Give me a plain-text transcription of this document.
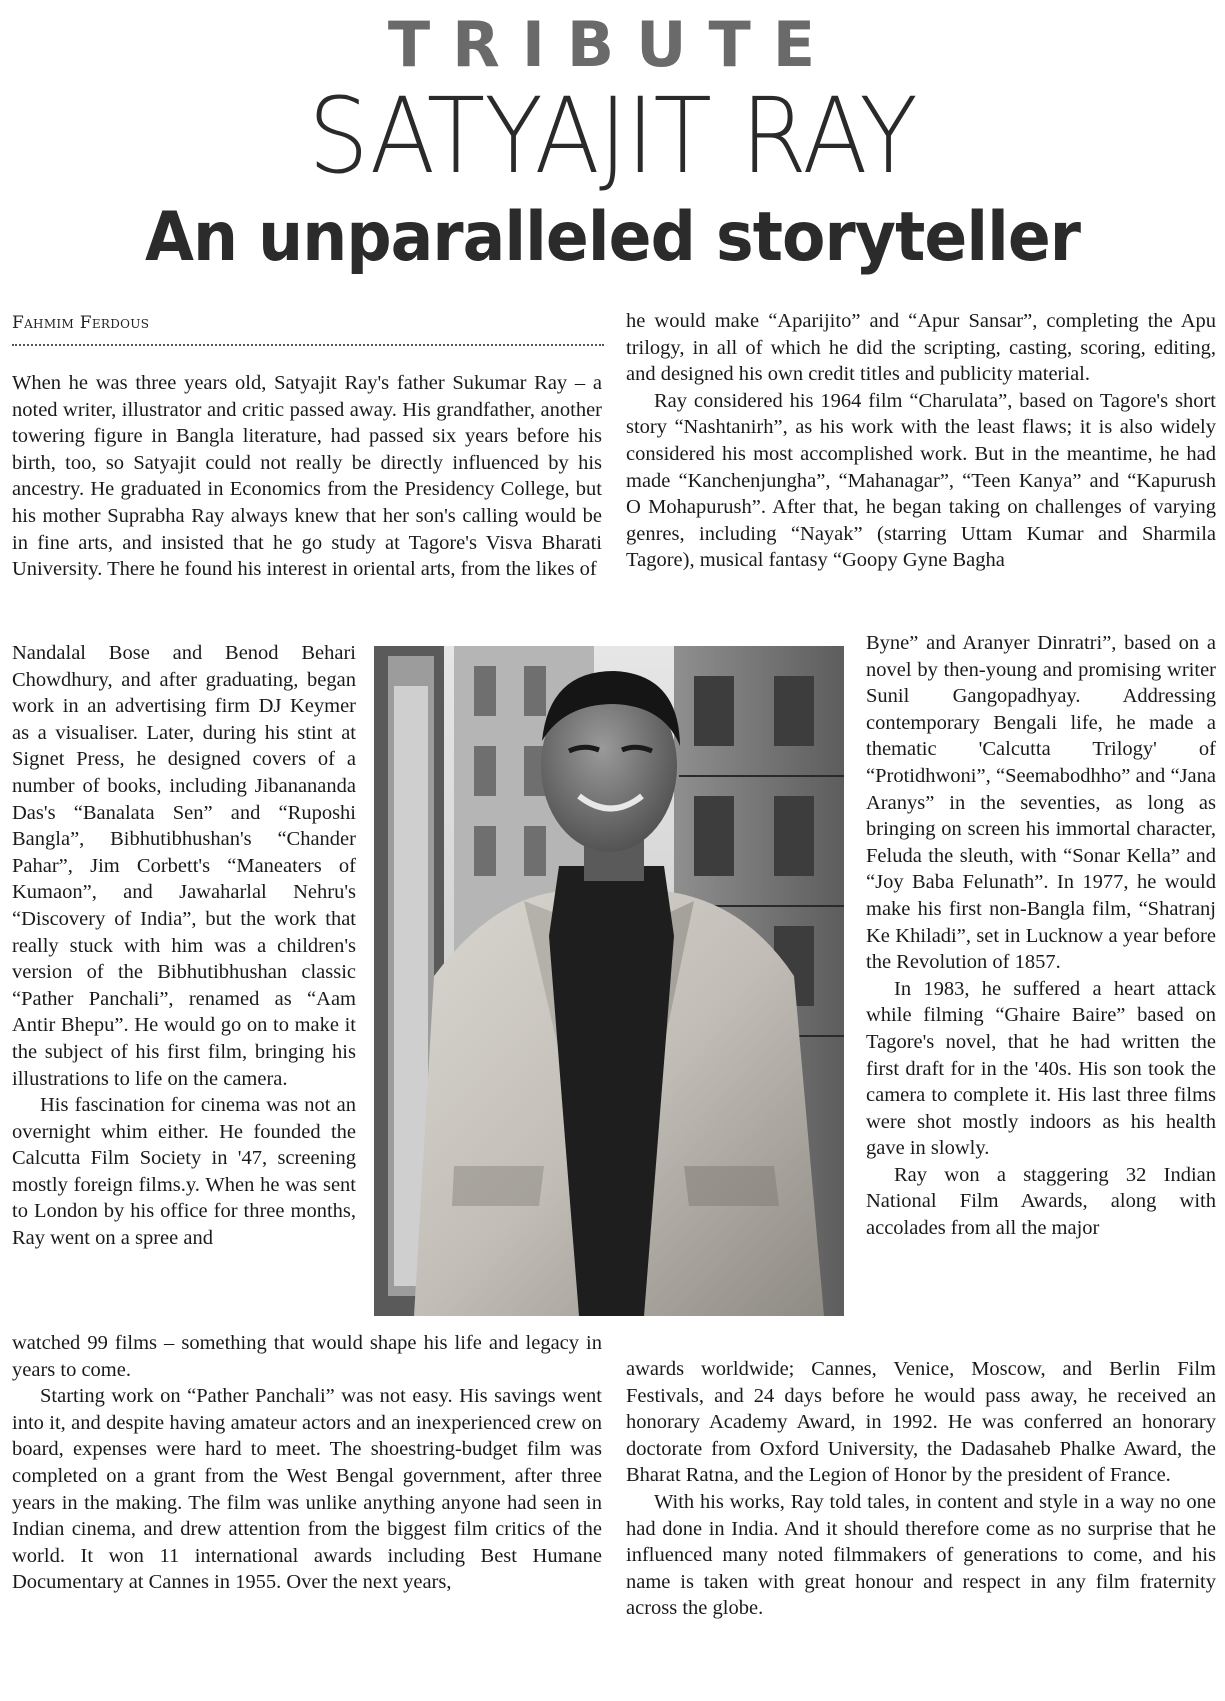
TRIBUTE
SATYAJIT RAY
An unparalleled storyteller
Fahmim Ferdous

When he was three years old, Satyajit Ray's father Sukumar Ray – a noted writer, illustrator and critic passed away. His grandfather, another towering figure in Bangla literature, had passed six years before his birth, too, so Satyajit could not really be directly influenced by his ancestry. He graduated in Economics from the Presidency College, but his mother Suprabha Ray always knew that her son's calling would be in fine arts, and insisted that he go study at Tagore's Visva Bharati University. There he found his interest in oriental arts, from the likes of

Nandalal Bose and Benod Behari Chowdhury, and after graduating, began work in an advertising firm DJ Keymer as a visualiser. Later, during his stint at Signet Press, he designed covers of a number of books, including Jibanananda Das's “Banalata Sen” and “Ruposhi Bangla”, Bibhutibhushan's “Chander Pahar”, Jim Corbett's “Maneaters of Kumaon”, and Jawaharlal Nehru's “Discovery of India”, but the work that really stuck with him was a children's version of the Bibhutibhushan classic “Pather Panchali”, renamed as “Aam Antir Bhepu”. He would go on to make it the subject of his first film, bringing his illustrations to life on the camera.

His fascination for cinema was not an overnight whim either. He founded the Calcutta Film Society in '47, screening mostly foreign films.y. When he was sent to London by his office for three months, Ray went on a spree and

watched 99 films – something that would shape his life and legacy in years to come.

Starting work on “Pather Panchali” was not easy. His savings went into it, and despite having amateur actors and an inexperienced crew on board, expenses were hard to meet. The shoestring-budget film was completed on a grant from the West Bengal government, after three years in the making. The film was unlike anything anyone had seen in Indian cinema, and drew attention from the biggest film critics of the world. It won 11 international awards including Best Humane Documentary at Cannes in 1955. Over the next years,

he would make “Aparijito” and “Apur Sansar”, completing the Apu trilogy, in all of which he did the scripting, casting, scoring, editing, and designed his own credit titles and publicity material.

Ray considered his 1964 film “Charulata”, based on Tagore's short story “Nashtanirh”, as his work with the least flaws; it is also widely considered his most accomplished work. But in the meantime, he had made “Kanchenjungha”, “Mahanagar”, “Teen Kanya” and “Kapurush O Mohapurush”. After that, he began taking on challenges of varying genres, including “Nayak” (starring Uttam Kumar and Sharmila Tagore), musical fantasy “Goopy Gyne Bagha

Byne” and Aranyer Dinratri”, based on a novel by then-young and promising writer Sunil Gangopadhyay. Addressing contemporary Bengali life, he made a thematic 'Calcutta Trilogy' of “Protidhwoni”, “Seemabodhho” and “Jana Aranys” in the seventies, as long as bringing on screen his immortal character, Feluda the sleuth, with “Sonar Kella” and “Joy Baba Felunath”. In 1977, he would make his first non-Bangla film, “Shatranj Ke Khiladi”, set in Lucknow a year before the Revolution of 1857.

In 1983, he suffered a heart attack while filming “Ghaire Baire” based on Tagore's novel, that he had written the first draft for in the '40s. His son took the camera to complete it. His last three films were shot mostly indoors as his health gave in slowly.

Ray won a staggering 32 Indian National Film Awards, along with accolades from all the major

awards worldwide; Cannes, Venice, Moscow, and Berlin Film Festivals, and 24 days before he would pass away, he received an honorary Academy Award, in 1992. He was conferred an honorary doctorate from Oxford University, the Dadasaheb Phalke Award, the Bharat Ratna, and the Legion of Honor by the president of France.

With his works, Ray told tales, in content and style in a way no one had done in India. And it should therefore come as no surprise that he influenced many noted filmmakers of generations to come, and his name is taken with great honour and respect in any film fraternity across the globe.
